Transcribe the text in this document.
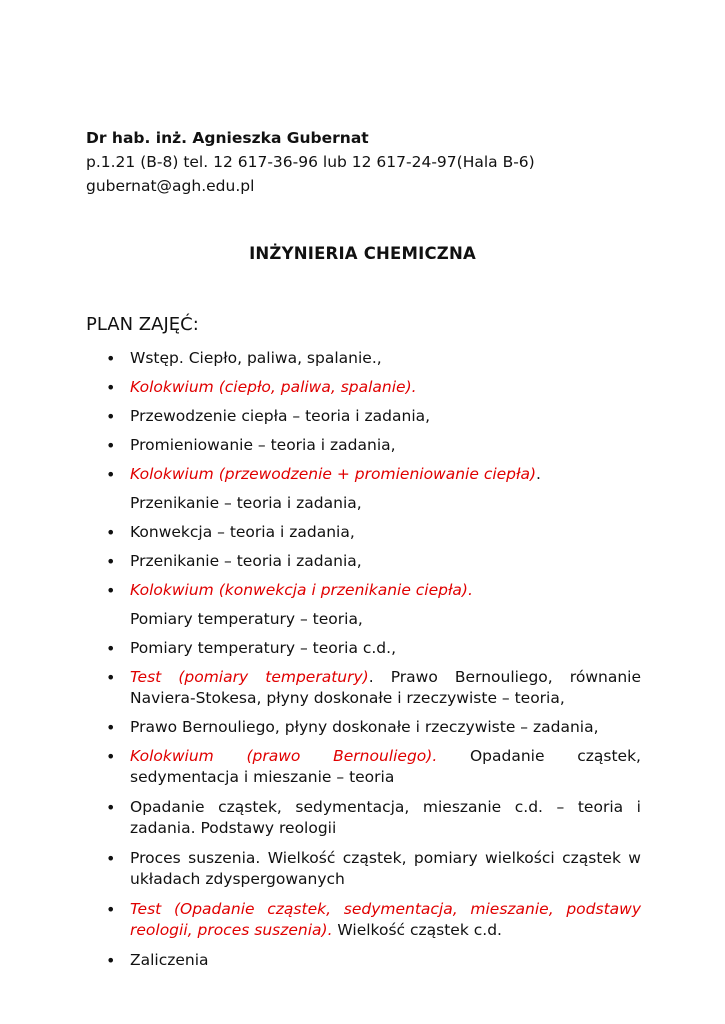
Dr hab. inż. Agnieszka Gubernat
p.1.21 (B-8) tel. 12 617-36-96 lub 12 617-24-97(Hala B-6)
gubernat@agh.edu.pl
INŻYNIERIA CHEMICZNA
PLAN ZAJĘĆ:
• Wstęp. Ciepło, paliwa, spalanie.,
• Kolokwium (ciepło, paliwa, spalanie).
• Przewodzenie ciepła – teoria i zadania,
• Promieniowanie – teoria i zadania,
• Kolokwium (przewodzenie + promieniowanie ciepła).
Przenikanie – teoria i zadania,
• Konwekcja – teoria i zadania,
• Przenikanie – teoria i zadania,
• Kolokwium (konwekcja i przenikanie ciepła).
Pomiary temperatury – teoria,
• Pomiary temperatury – teoria c.d.,
• Test (pomiary temperatury). Prawo Bernouliego, równanie Naviera-Stokesa, płyny doskonałe i rzeczywiste – teoria,
• Prawo Bernouliego, płyny doskonałe i rzeczywiste – zadania,
• Kolokwium (prawo Bernouliego). Opadanie cząstek, sedymentacja i mieszanie – teoria
• Opadanie cząstek, sedymentacja, mieszanie c.d. – teoria i zadania. Podstawy reologii
• Proces suszenia. Wielkość cząstek, pomiary wielkości cząstek w układach zdyspergowanych
• Test (Opadanie cząstek, sedymentacja, mieszanie, podstawy reologii, proces suszenia). Wielkość cząstek c.d.
• Zaliczenia
